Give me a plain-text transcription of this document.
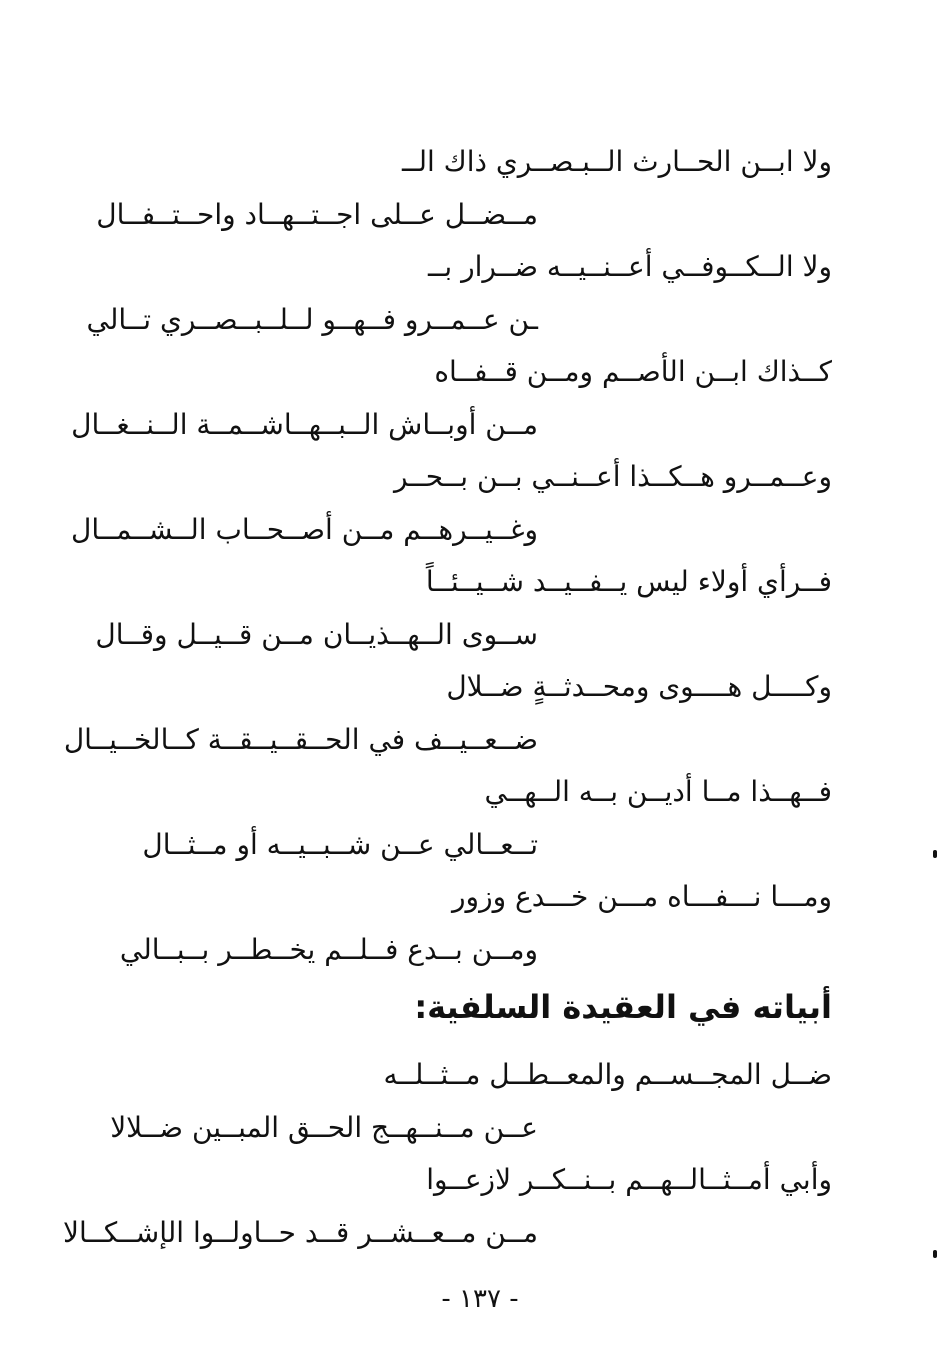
ولا ابــن الحــارث الــبـصــري ذاك الــ
مــضــل عــلى اجــتــهــاد واحــتــفــال
ولا الــكــوفــي أعــنــيــه ضــرار بــ
ـن عــمــرو فــهــو لــلــبــصــري تــالي
كــذاك ابــن الأصــم ومــن قــفــاه
مــن أوبــاش الــبــهــاشــمــة الــنــغــال
وعــمــرو هــكــذا أعــنــي بــن بــحــر
وغــيــرهــم مــن أصــحــاب الــشــمــال
فــرأي أولاء ليس يــفــيــد شــيــئــاً
ســوى الــهــذيــان مــن قــيــل وقــال
وكــــل هــــوى ومحــدثــةٍ ضــلال
ضــعــيــف في الحــقــيــقــة كــالخــيــال
فــهــذا مــا أديــن بــه الــهــي
تــعــالي عــن شــبــيــه أو مــثــال
ومـــا نـــفـــاه مـــن خـــدع وزور
ومــن بــدع فــلــم يخــطــر بــبــالي
أبياته في العقيدة السلفية:
ضــل المجــســم والمعــطــل مــثــلــه
عــن مــنــهــج الحــق المبــين ضــلالا
وأبي أمــثــالــهــم بــنــكــر لازعــوا
مــن مــعــشــر قــد حــاولــوا الإشــكــالا
- ١٣٧ -
